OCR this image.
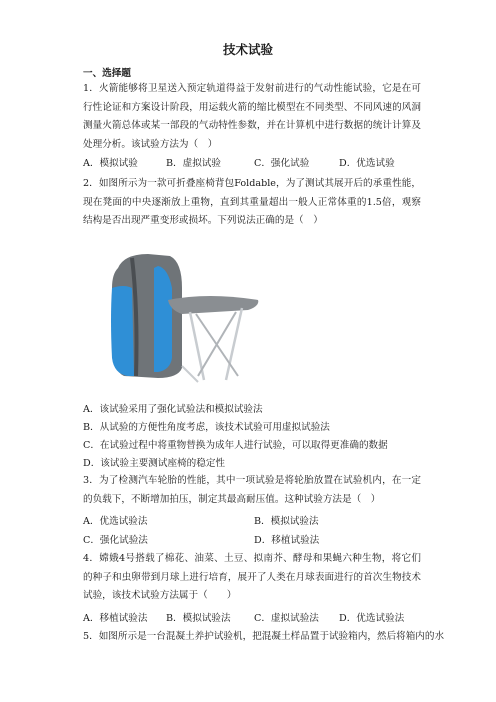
技术试验
一、选择题

1．火箭能够将卫星送入预定轨道得益于发射前进行的气动性能试验，它是在可行性论证和方案设计阶段，用运载火箭的缩比模型在不同类型、不同风速的风洞测量火箭总体或某一部段的气动特性参数，并在计算机中进行数据的统计计算及处理分析。该试验方法为（　）

A．模拟试验	B．虚拟试验	C．强化试验	D．优选试验

2．如图所示为一款可折叠座椅背包Foldable，为了测试其展开后的承重性能，现在凳面的中央逐渐放上重物，直到其重量超出一般人正常体重的1.5倍，观察结构是否出现严重变形或损坏。下列说法正确的是（　）

A．该试验采用了强化试验法和模拟试验法
B．从试验的方便性角度考虑，该技术试验可用虚拟试验法
C．在试验过程中将重物替换为成年人进行试验，可以取得更准确的数据
D．该试验主要测试座椅的稳定性

3．为了检测汽车轮胎的性能，其中一项试验是将轮胎放置在试验机内，在一定的负载下，不断增加拍压，制定其最高耐压值。这种试验方法是（　）

A．优选试验法	B．模拟试验法
C．强化试验法	D．移植试验法

4．嫦娥4号搭载了棉花、油菜、土豆、拟南芥、酵母和果蝇六种生物，将它们的种子和虫卵带到月球上进行培育，展开了人类在月球表面进行的首次生物技术试验，该技术试验方法属于（　　）

A．移植试验法 B．模拟试验法 C．虚拟试验法 D．优选试验法
5．如图所示是一台混凝土养护试验机，把混凝土样品置于试验箱内，然后将箱内的水
